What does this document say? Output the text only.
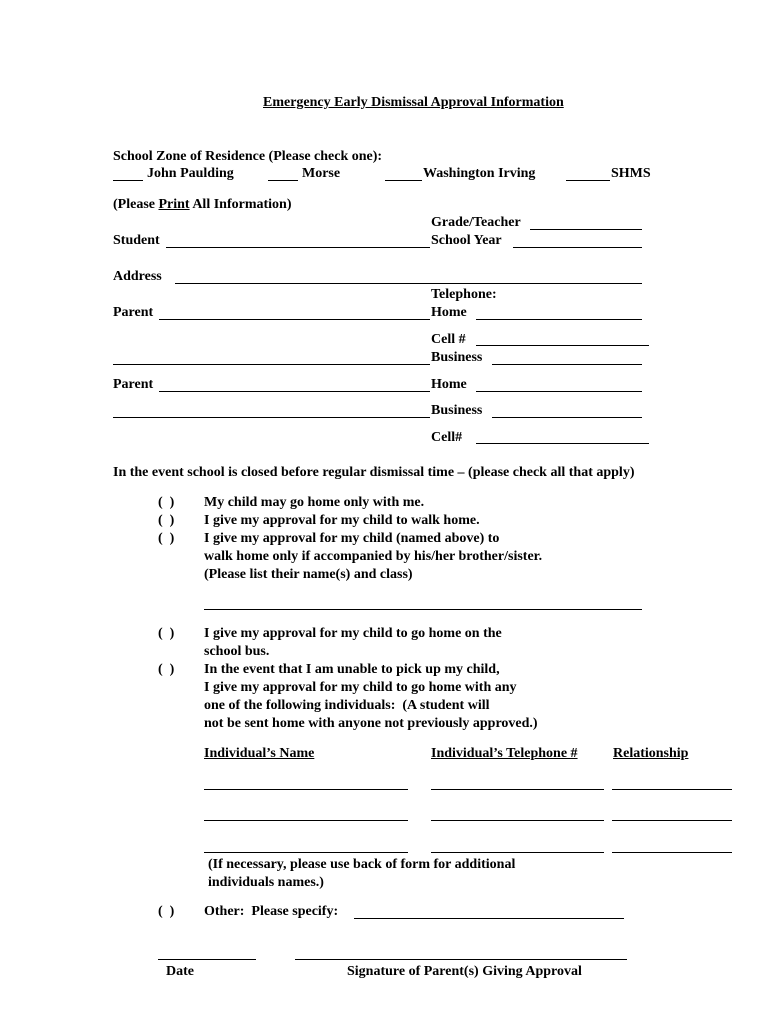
Emergency Early Dismissal Approval Information
School Zone of Residence (Please check one):
John Paulding	Morse	Washington Irving	SHMS
(Please Print All Information)
Grade/Teacher
Student	School Year
Address
Telephone:
Parent	Home
Cell #
Business
Parent	Home
Business
Cell#
In the event school is closed before regular dismissal time – (please check all that apply)
(  ) My child may go home only with me.
(  ) I give my approval for my child to walk home.
(  ) I give my approval for my child (named above) to
walk home only if accompanied by his/her brother/sister.
(Please list their name(s) and class)
(  ) I give my approval for my child to go home on the
school bus.
(  ) In the event that I am unable to pick up my child,
I give my approval for my child to go home with any
one of the following individuals:  (A student will
not be sent home with anyone not previously approved.)
Individual’s Name	Individual’s Telephone #	Relationship
(If necessary, please use back of form for additional
individuals names.)
(  ) Other:  Please specify:
Date	Signature of Parent(s) Giving Approval
